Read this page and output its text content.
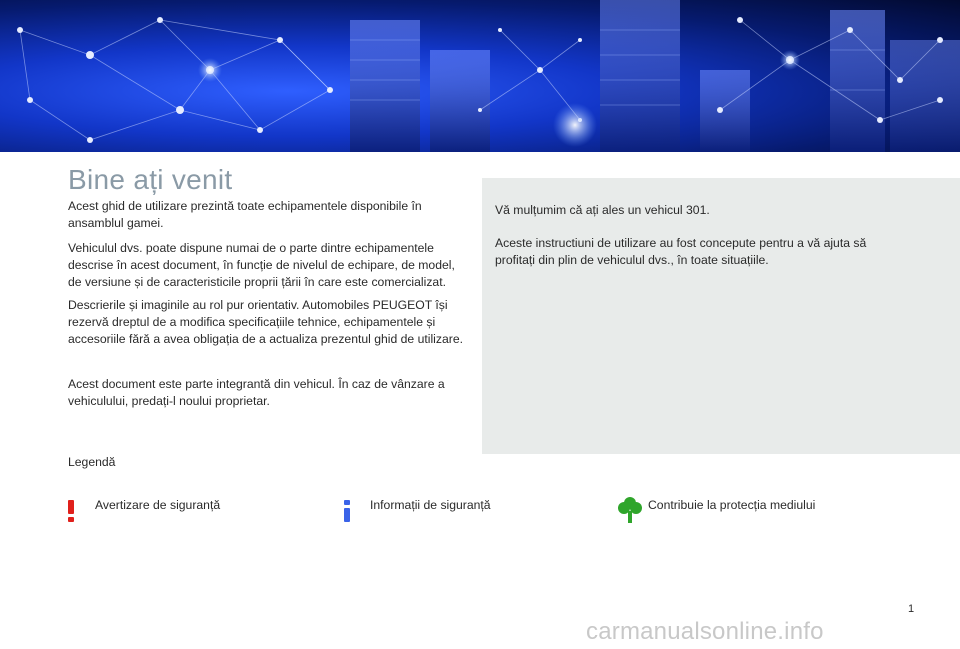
Bine ați venit

Acest ghid de utilizare prezintă toate echipamentele disponibile în ansamblul gamei.

Vehiculul dvs. poate dispune numai de o parte dintre echipamentele descrise în acest document, în funcție de nivelul de echipare, de model, de versiune și de caracteristicile proprii țării în care este comercializat.

Descrierile și imaginile au rol pur orientativ. Automobiles PEUGEOT își rezervă dreptul de a modifica specificațiile tehnice, echipamentele și accesoriile fără a avea obligația de a actualiza prezentul ghid de utilizare.

Acest document este parte integrantă din vehicul. În caz de vânzare a vehiculului, predați-l noului proprietar.

Vă mulțumim că ați ales un vehicul 301.

Aceste instructiuni de utilizare au fost concepute pentru a vă ajuta să profitați din plin de vehiculul dvs., în toate situațiile.

Legendă

Avertizare de siguranță	Informații de siguranță	Contribuie la protecția mediului
1
carmanualsonline.info
